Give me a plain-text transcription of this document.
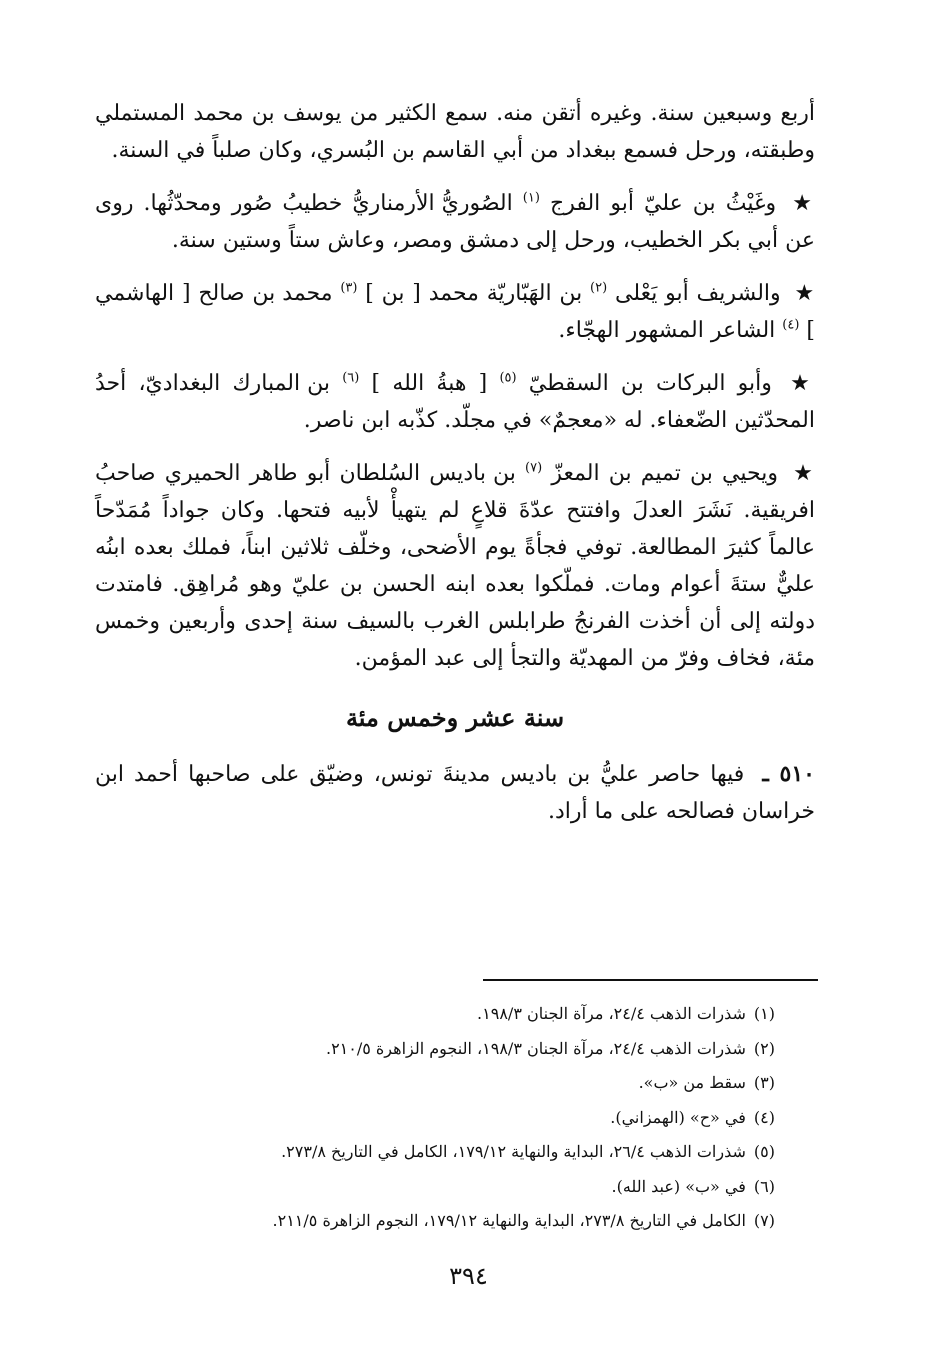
أربع وسبعين سنة. وغيره أتقن منه. سمع الكثير من يوسف بن محمد المستملي وطبقته، ورحل فسمع ببغداد من أبي القاسم بن البُسري، وكان صلباً في السنة.

★ وغَيْثُ بن عليّ أبو الفرج $^{(١)}$ الصُوريُّ الأرمناريُّ خطيبُ صُور ومحدّثُها. روى عن أبي بكر الخطيب، ورحل إلى دمشق ومصر، وعاش ستاً وستين سنة.

★ والشريف أبو يَعْلى $^{(٢)}$ بن الهَبّاريّة محمد [ بن ] $^{(٣)}$ محمد بن صالح [ الهاشمي ] $^{(٤)}$ الشاعر المشهور الهجّاء.

★ وأبو البركات بن السقطيّ $^{(٥)}$ [ هبةُ الله ] $^{(٦)}$ بن المبارك البغداديّ، أحدُ المحدّثين الضّعفاء. له «معجمٌ» في مجلّد. كذّبه ابن ناصر.

★ ويحيي بن تميم بن المعزّ $^{(٧)}$ بن باديس السُلطان أبو طاهر الحميري صاحبُ افريقية. نَشَرَ العدلَ وافتتح عدّةَ قلاعٍ لم يتهيأْ لأبيه فتحها. وكان جواداً مُمَدّحاً عالماً كثيرَ المطالعة. توفي فجأةً يوم الأضحى، وخلّف ثلاثين ابناً، فملك بعده ابنُه عليٌّ ستةَ أعوام ومات. فملّكوا بعده ابنه الحسن بن عليّ وهو مُراهِق. فامتدت دولته إلى أن أخذت الفرنجُ طرابلس الغرب بالسيف سنة إحدى وأربعين وخمس مئة، فخاف وفرّ من المهديّة والتجأ إلى عبد المؤمن.

سنة عشر وخمس مئة

٥١٠ ـ فيها حاصر عليُّ بن باديس مدينةَ تونس، وضيّق على صاحبها أحمد ابن خراسان فصالحه على ما أراد.

(١)شذرات الذهب ٢٤/٤، مرآة الجنان ١٩٨/٣.
(٢)شذرات الذهب ٢٤/٤، مرآة الجنان ١٩٨/٣، النجوم الزاهرة ٢١٠/٥.
(٣)سقط من «ب».
(٤)في «ح» (الهمزاني).
(٥)شذرات الذهب ٢٦/٤، البداية والنهاية ١٧٩/١٢، الكامل في التاريخ ٢٧٣/٨.
(٦)في «ب» (عبد الله).
(٧)الكامل في التاريخ ٢٧٣/٨، البداية والنهاية ١٧٩/١٢، النجوم الزاهرة ٢١١/٥.
٣٩٤
